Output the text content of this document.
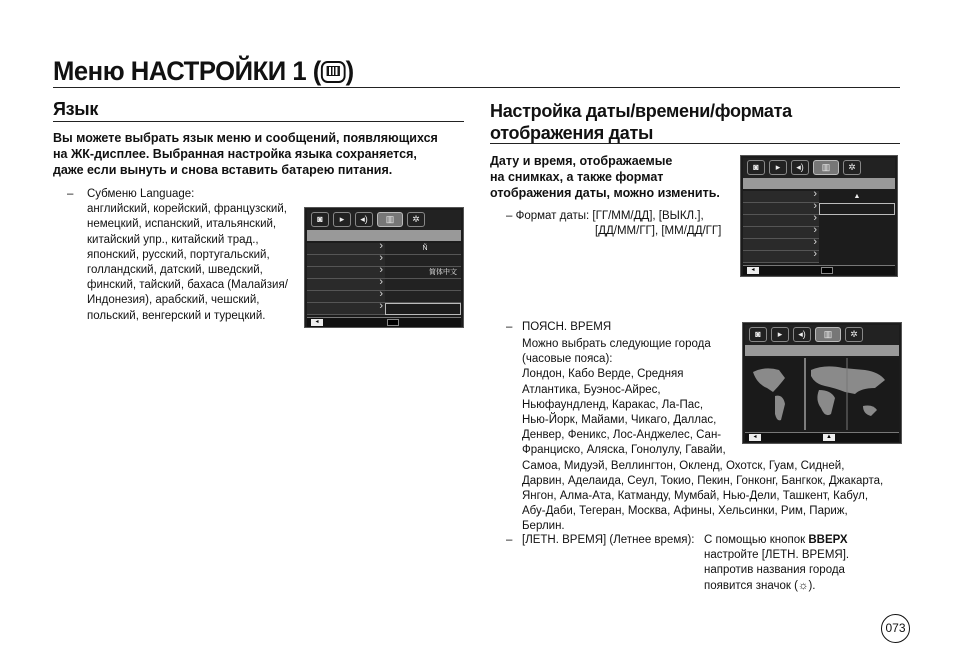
Меню НАСТРОЙКИ 1 ( )
Язык
Вы можете выбрать язык меню и сообщений, появляющихся
на ЖК-дисплее. Выбранная настройка языка сохраняется,
даже если вынуть и снова вставить батарею питания.
– Субменю Language:
английский, корейский, французский,
немецкий, испанский, итальянский,
китайский упр., китайский трад.,
японский, русский, португальский,
голландский, датский, шведский,
финский, тайский, бахаса (Малайзия/
Индонезия), арабский, чешский,
польский, венгерский и турецкий.
◙	▸	◂)	▥	✲
›
›
›
›
›
›
Ñ
简体中文
◂
Настройка даты/времени/формата
отображения даты
Дату и время, отображаемые
на снимках, а также формат
отображения даты, можно изменить.
– Формат даты: [ГГ/ММ/ДД], [ВЫКЛ.],
[ДД/ММ/ГГ], [ММ/ДД/ГГ]
◙	▸	◂)	▥	✲
›
›
›
›
›
›
▲
◂
– ПОЯСН. ВРЕМЯ
Можно выбрать следующие города
(часовые пояса):
Лондон, Кабо Верде, Средняя
Атлантика, Буэнос-Айрес,
Ньюфаундленд, Каракас, Ла-Пас,
Нью-Йорк, Майами, Чикаго, Даллас,
Денвер, Феникс, Лос-Анджелес, Сан-
Франциско, Аляска, Гонолулу, Гавайи,
Самоа, Мидуэй, Веллингтон, Окленд, Охотск, Гуам, Сидней,
Дарвин, Аделаида, Сеул, Токио, Пекин, Гонконг, Бангкок, Джакарта,
Янгон, Алма-Ата, Катманду, Мумбай, Нью-Дели, Ташкент, Кабул,
Абу-Даби, Тегеран, Москва, Афины, Хельсинки, Рим, Париж,
Берлин.
◙	▸	◂)	▥	✲
◂	▲
– [ЛЕТН. ВРЕМЯ] (Летнее время): С помощью кнопок ВВЕРХ
настройте [ЛЕТН. ВРЕМЯ].
напротив названия города
появится значок (☼).
073
